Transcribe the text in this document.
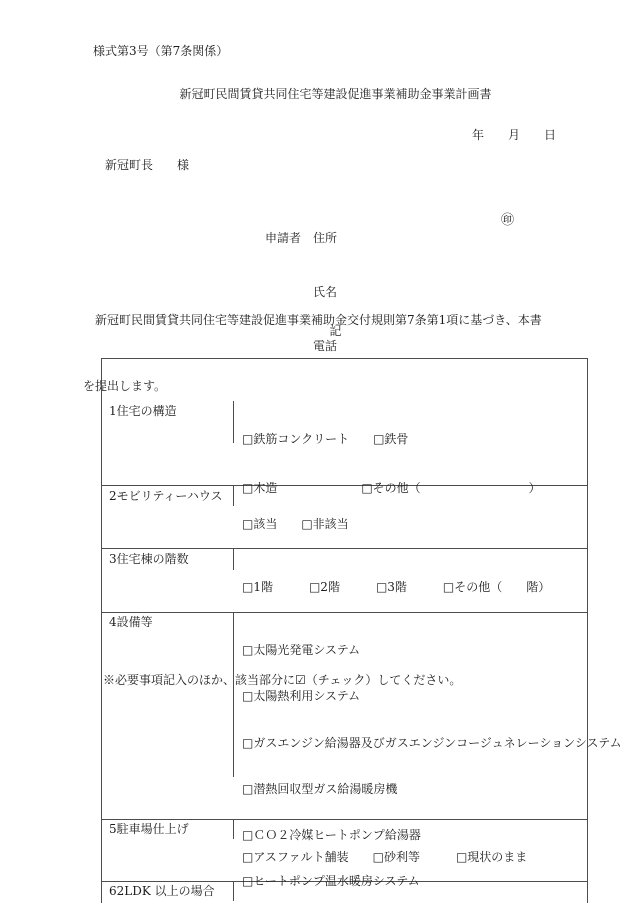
様式第3号（第7条関係）
新冠町民間賃貸共同住宅等建設促進事業補助金事業計画書
年　　月　　日
新冠町長　　様

申請者 住所

氏名

電話

㊞

　新冠町民間賃貸共同住宅等建設促進事業補助金交付規則第7条第1項に基づき、本書

を提出します。

記

1住宅の構造

□鉄筋コンクリート　　□鉄骨

□木造　　　　　　　□その他（　　　　　　　　　）

2モビリティーハウス

□該当　　□非該当

3住宅棟の階数

□1階　　　□2階　　　□3階　　　□その他（　　階）

4設備等

□太陽光発電システム

□太陽熱利用システム

□ガスエンジン給湯器及びガスエンジンコージュネレーションシステム

□潜熱回収型ガス給湯暖房機

□ＣＯ２冷媒ヒートポンプ給湯器

□ヒートポンプ温水暖房システム

5駐車場仕上げ

□アスファルト舗装　　□砂利等　　　□現状のまま

62LDK 以上の場合

※必要事項記入のほか、該当部分に☑（チェック）してください。
